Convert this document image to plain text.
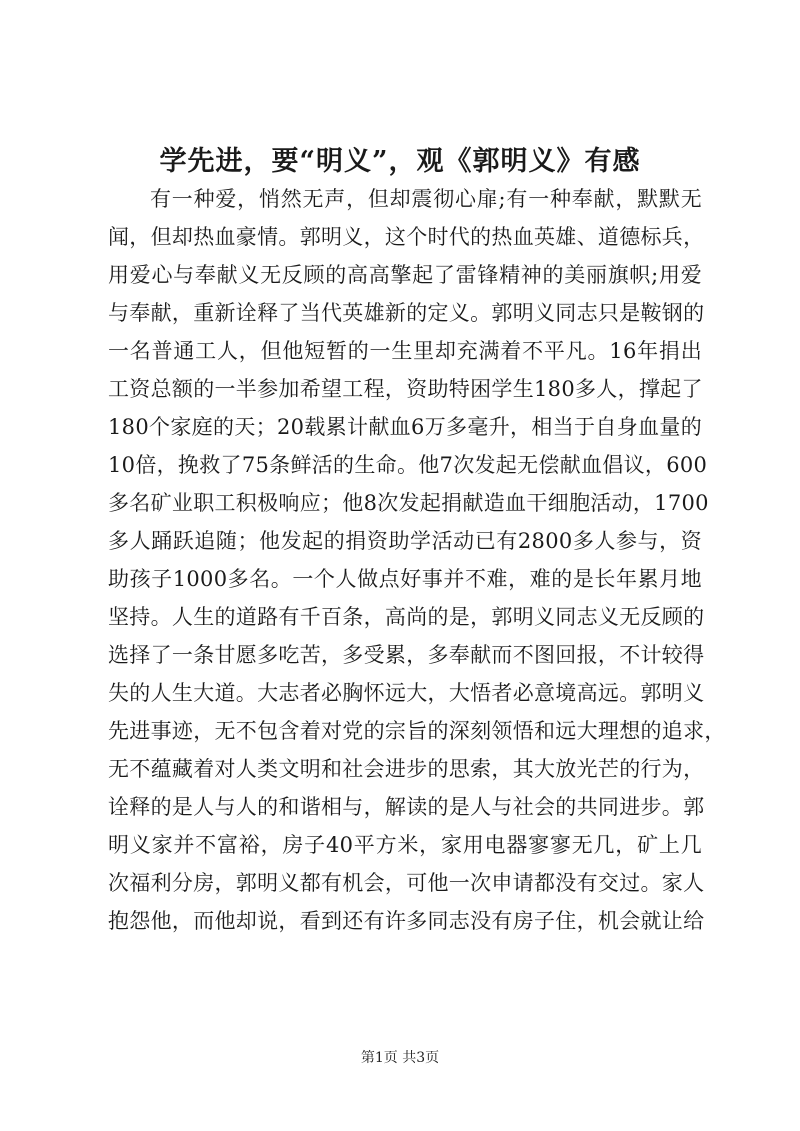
学先进，要“明义”，观《郭明义》有感
有一种爱，悄然无声，但却震彻心扉;有一种奉献，默默无
闻，但却热血豪情。郭明义，这个时代的热血英雄、道德标兵，
用爱心与奉献义无反顾的高高擎起了雷锋精神的美丽旗帜;用爱
与奉献，重新诠释了当代英雄新的定义。郭明义同志只是鞍钢的
一名普通工人，但他短暂的一生里却充满着不平凡。16年捐出
工资总额的一半参加希望工程，资助特困学生180多人，撑起了
180个家庭的天；20载累计献血6万多毫升，相当于自身血量的
10倍，挽救了75条鲜活的生命。他7次发起无偿献血倡议，600
多名矿业职工积极响应；他8次发起捐献造血干细胞活动，1700
多人踊跃追随；他发起的捐资助学活动已有2800多人参与，资
助孩子1000多名。一个人做点好事并不难，难的是长年累月地
坚持。人生的道路有千百条，高尚的是，郭明义同志义无反顾的
选择了一条甘愿多吃苦，多受累，多奉献而不图回报，不计较得
失的人生大道。大志者必胸怀远大，大悟者必意境高远。郭明义
先进事迹，无不包含着对党的宗旨的深刻领悟和远大理想的追求，
无不蕴藏着对人类文明和社会进步的思索，其大放光芒的行为，
诠释的是人与人的和谐相与，解读的是人与社会的共同进步。郭
明义家并不富裕，房子40平方米，家用电器寥寥无几，矿上几
次福利分房，郭明义都有机会，可他一次申请都没有交过。家人
抱怨他，而他却说，看到还有许多同志没有房子住，机会就让给
第1页 共3页
